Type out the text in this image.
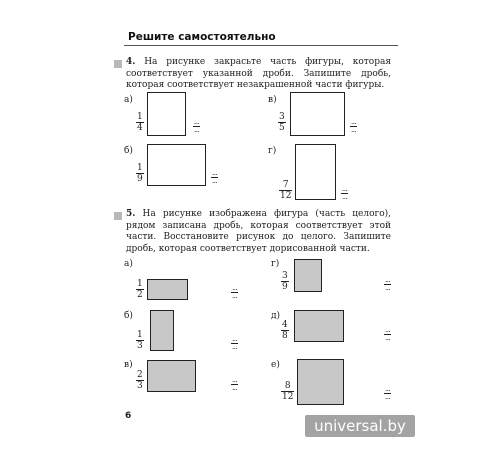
Решите самостоятельно
4. На рисунке закрасьте часть фигуры, которая соответствует указанной дроби. Запишите дробь, которая соответствует незакрашенной части фигуры.
а)
$\frac{1}{4}$	...
...
в)
$\frac{3}{5}$	...
...
б)
$\frac{1}{9}$	...
...
г)
$\frac{7}{12}$	...
...
5. На рисунке изображена фигура (часть целого), рядом записана дробь, которая соответствует этой части. Восстановите рисунок до целого. Запишите дробь, которая соответствует дорисованной части.
а)
$\frac{1}{2}$	...
...
г)
$\frac{3}{9}$	...
...
б)
$\frac{1}{3}$	...
...
д)
$\frac{4}{8}$	...
...
в)
$\frac{2}{3}$	...
...
е)
$\frac{8}{12}$	...
...
6
universal.by
